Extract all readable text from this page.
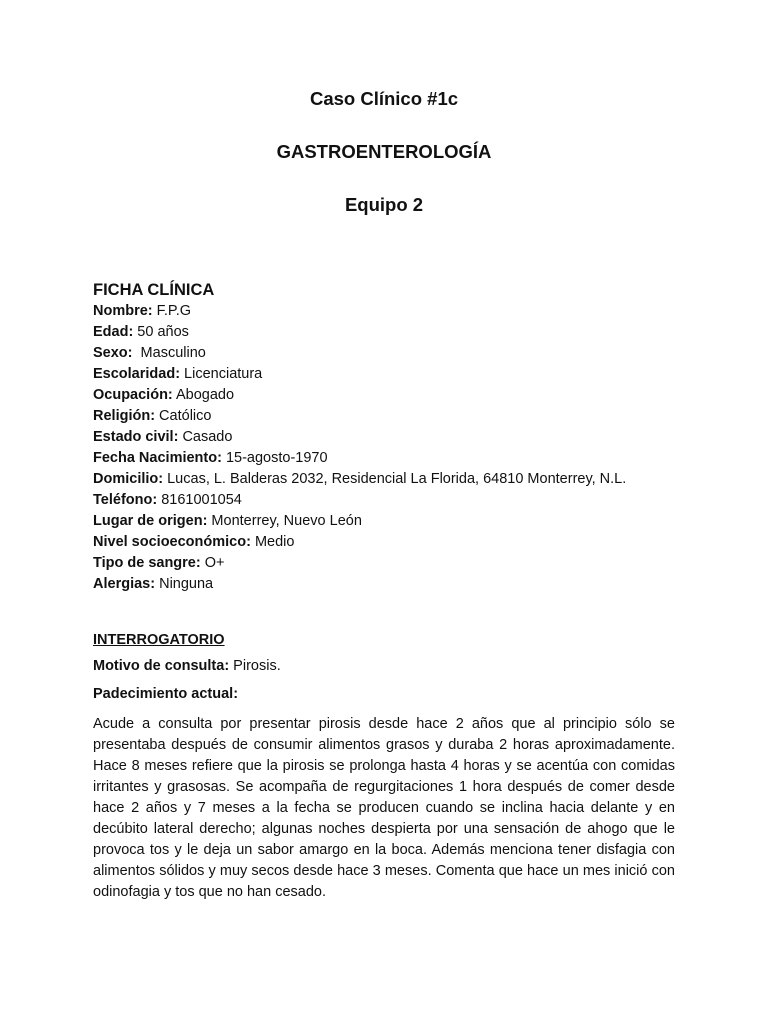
Caso Clínico #1c
GASTROENTEROLOGÍA
Equipo 2
FICHA CLÍNICA
Nombre: F.P.G
Edad: 50 años
Sexo:  Masculino
Escolaridad: Licenciatura
Ocupación: Abogado
Religión: Católico
Estado civil: Casado
Fecha Nacimiento: 15-agosto-1970
Domicilio: Lucas, L. Balderas 2032, Residencial La Florida, 64810 Monterrey, N.L.
Teléfono: 8161001054
Lugar de origen: Monterrey, Nuevo León
Nivel socioeconómico: Medio
Tipo de sangre: O+
Alergias: Ninguna
INTERROGATORIO

Motivo de consulta: Pirosis.

Padecimiento actual:

Acude a consulta por presentar pirosis desde hace 2 años que al principio sólo se presentaba después de consumir alimentos grasos y duraba 2 horas aproximadamente. Hace 8 meses refiere que la pirosis se prolonga hasta 4 horas y se acentúa con comidas irritantes y grasosas. Se acompaña de regurgitaciones 1 hora después de comer desde hace 2 años y 7 meses a la fecha se producen cuando se inclina hacia delante y en decúbito lateral derecho; algunas noches despierta por una sensación de ahogo que le provoca tos y le deja un sabor amargo en la boca. Además menciona tener disfagia con alimentos sólidos y muy secos desde hace 3 meses. Comenta que hace un mes inició con odinofagia y tos que no han cesado.
